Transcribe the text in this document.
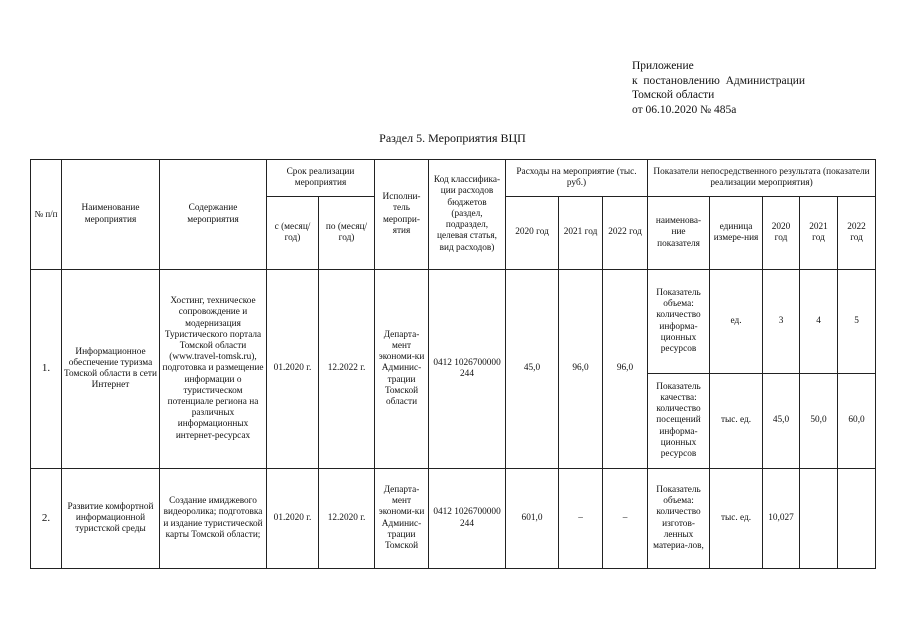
Приложение
к  постановлению  Администрации
Томской области
от 06.10.2020 № 485а
Раздел 5. Мероприятия ВЦП
№ п/п	Наименование мероприятия	Содержание мероприятия	Срок реализации мероприятия		Исполни-тель меропри-ятия	Код классифика-ции расходов бюджетов (раздел, подраздел, целевая статья, вид расходов)	Расходы на мероприятие (тыс. руб.)			Показатели непосредственного результата (показатели реализации мероприятия)				
			с (месяц/ год)	по (месяц/ год)			2020 год	2021 год	2022 год	наименова-ние показателя	единица измере-ния	2020 год	2021 год	2022 год
1.	Информационное обеспечение туризма Томской области в сети Интернет	Хостинг, техническое сопровождение и модернизация Туристического портала Томской области (www.travel-tomsk.ru), подготовка и размещение информации о туристическом потенциале региона на различных информационных интернет-ресурсах	01.2020 г.	12.2022 г.	Департа-мент экономи-ки Админис-трации Томской области	0412 1026700000 244	45,0	96,0	96,0	Показатель объема: количество информа-ционных ресурсов	ед.	3	4	5
										Показатель качества: количество посещений информа-ционных ресурсов	тыс. ед.	45,0	50,0	60,0
2.	Развитие комфортной информационной туристской среды	Создание имиджевого видеоролика; подготовка и издание туристической карты Томской области;	01.2020 г.	12.2020 г.	Департа-мент экономи-ки Админис-трации Томской	0412 1026700000 244	601,0	–	–	Показатель объема: количество изготов-ленных материа-лов,	тыс. ед.	10,027		
